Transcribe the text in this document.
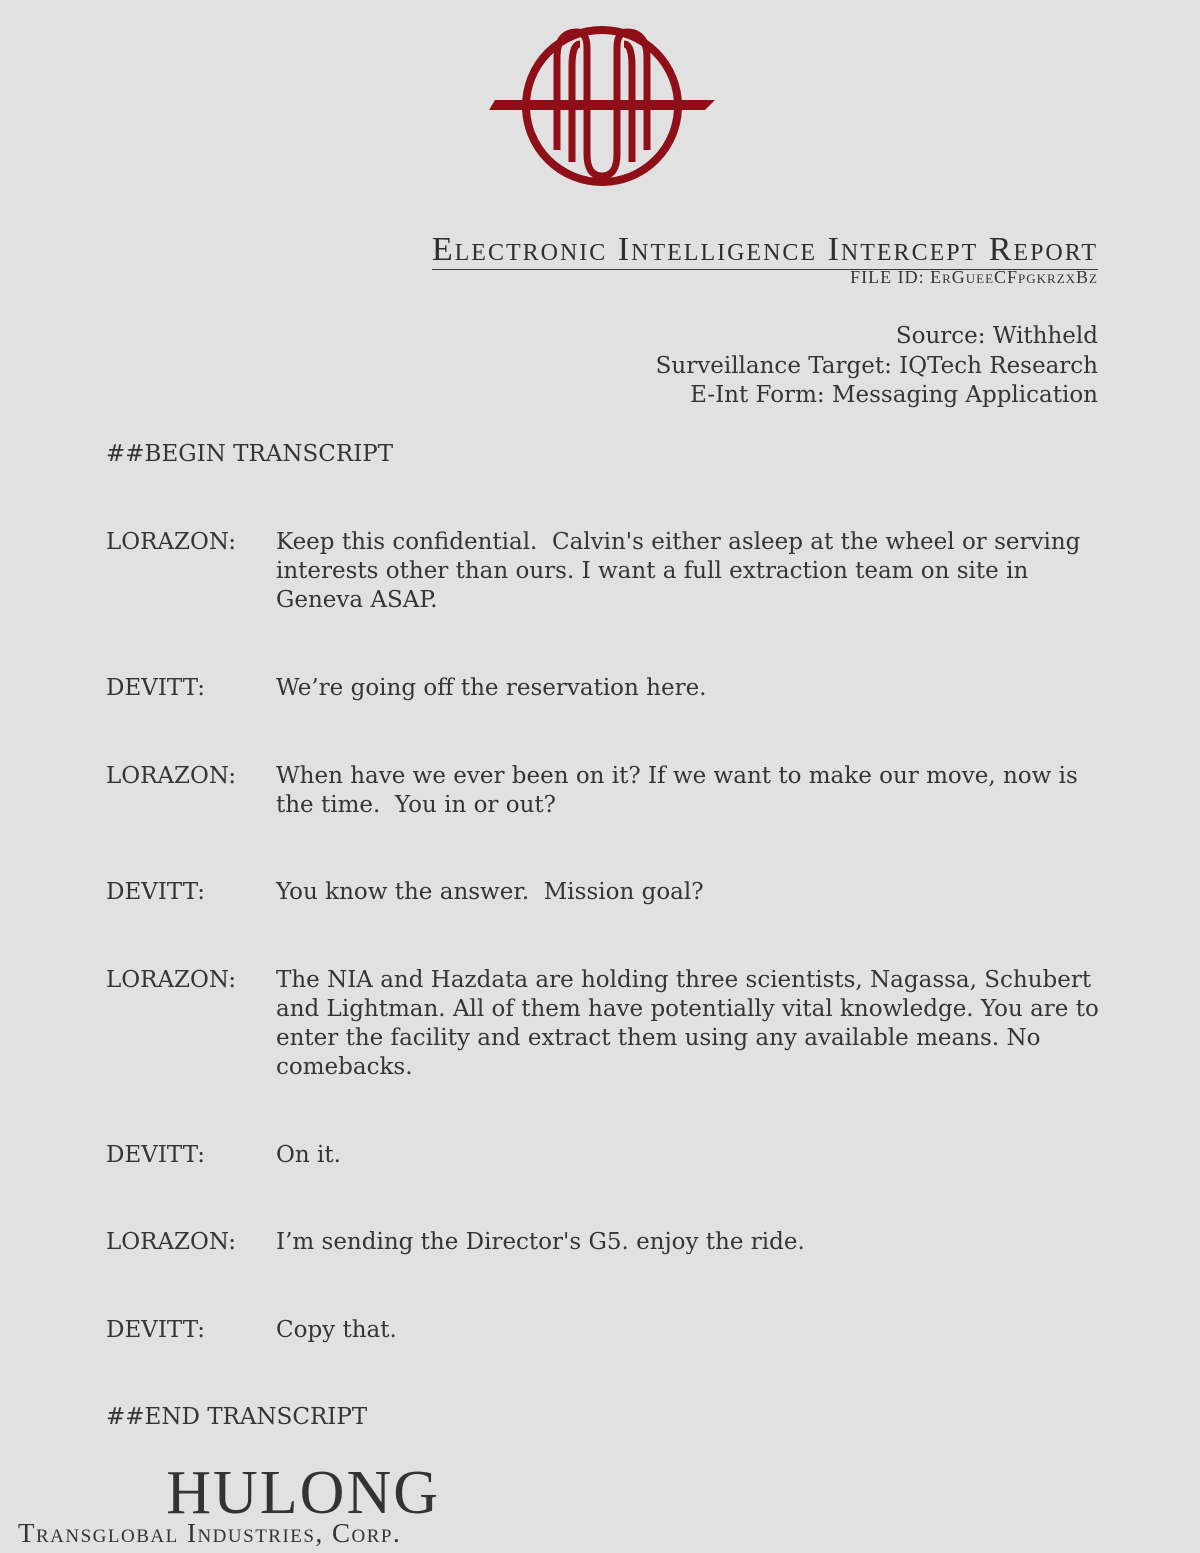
Electronic Intelligence Intercept Report
FILE ID: ErGueeCFpgkrzxBz
Source: Withheld
Surveillance Target: IQTech Research
E-Int Form: Messaging Application
##BEGIN TRANSCRIPT
LORAZON: Keep this confidential.  Calvin's either asleep at the wheel or serving interests other than ours. I want a full extraction team on site in Geneva ASAP.
DEVITT:	We’re going off the reservation here.
LORAZON: When have we ever been on it? If we want to make our move, now is the time.  You in or out?
DEVITT:	You know the answer.  Mission goal?
LORAZON: The NIA and Hazdata are holding three scientists, Nagassa, Schubert and Lightman. All of them have potentially vital knowledge. You are to enter the facility and extract them using any available means. No comebacks.
DEVITT:	On it.
LORAZON: I’m sending the Director's G5. enjoy the ride.
DEVITT:	Copy that.
##END TRANSCRIPT
HULONG
Transglobal Industries, Corp.
